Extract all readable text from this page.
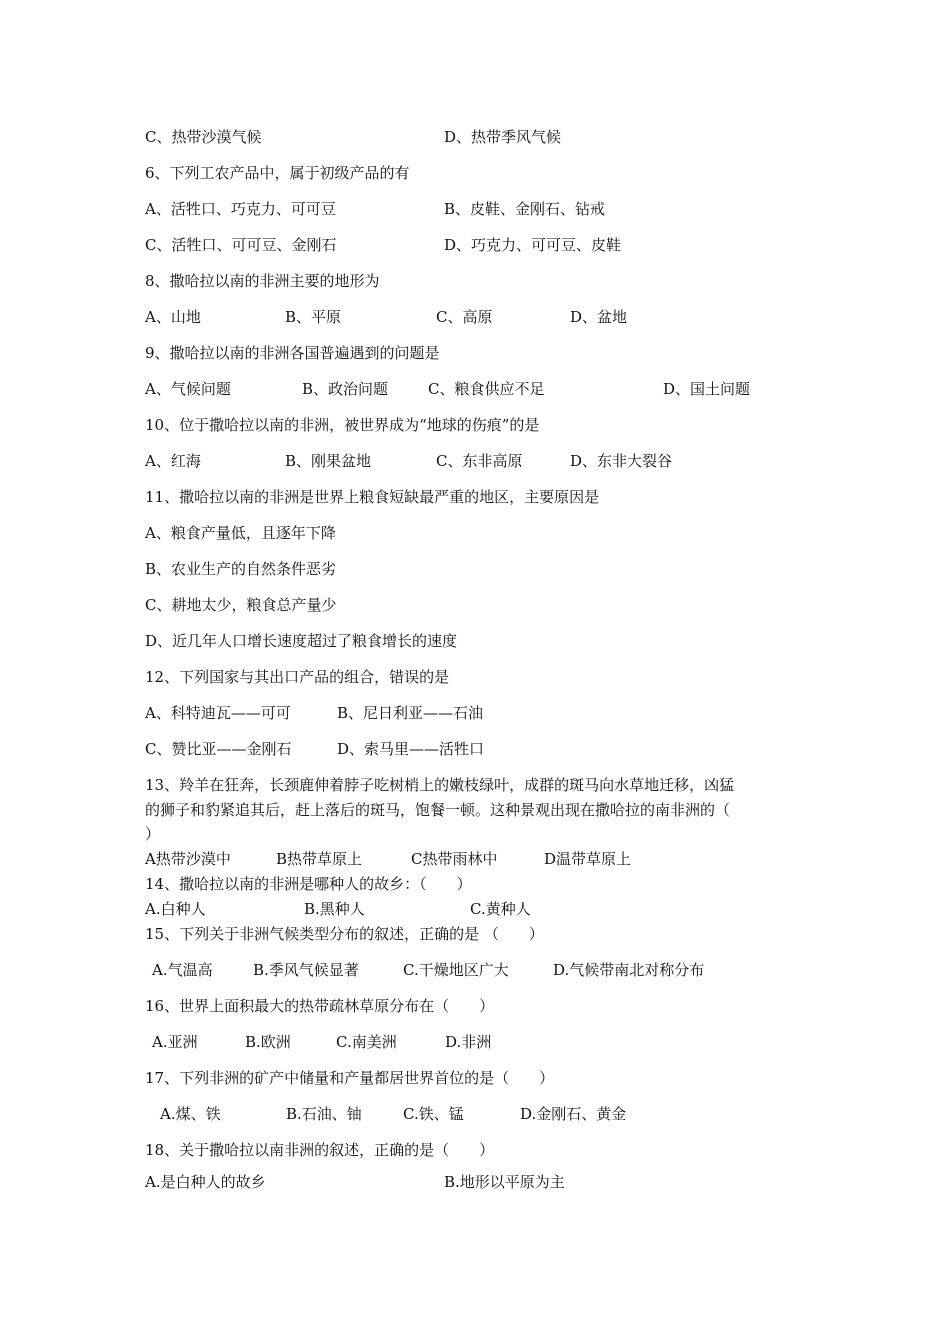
C、热带沙漠气候	D、热带季风气候
6、下列工农产品中，属于初级产品的有
A、活牲口、巧克力、可可豆	B、皮鞋、金刚石、钻戒
C、活牲口、可可豆、金刚石	D、巧克力、可可豆、皮鞋
8、撒哈拉以南的非洲主要的地形为
A、山地	B、平原	C、高原	D、盆地
9、撒哈拉以南的非洲各国普遍遇到的问题是
A、气候问题	B、政治问题	C、粮食供应不足	D、国土问题
10、位于撒哈拉以南的非洲，被世界成为“地球的伤痕”的是
A、红海	B、刚果盆地	C、东非高原	D、东非大裂谷
11、撒哈拉以南的非洲是世界上粮食短缺最严重的地区，主要原因是
A、粮食产量低，且逐年下降
B、农业生产的自然条件恶劣
C、耕地太少，粮食总产量少
D、近几年人口增长速度超过了粮食增长的速度
12、下列国家与其出口产品的组合，错误的是
A、科特迪瓦——可可	B、尼日利亚——石油
C、赞比亚——金刚石	D、索马里——活牲口
13、羚羊在狂奔，长颈鹿伸着脖子吃树梢上的嫩枝绿叶，成群的斑马向水草地迁移，凶猛
的狮子和豹紧追其后，赶上落后的斑马，饱餐一顿。这种景观出现在撒哈拉的南非洲的（
）
A热带沙漠中	B热带草原上	C热带雨林中	D温带草原上
14、撒哈拉以南的非洲是哪种人的故乡：（　　）
A.白种人	B.黑种人	C.黄种人
15、下列关于非洲气候类型分布的叙述，正确的是 （　　）
A.气温高	B.季风气候显著	C.干燥地区广大	D.气候带南北对称分布
16、世界上面积最大的热带疏林草原分布在（　　）
A.亚洲	B.欧洲	C.南美洲	D.非洲
17、下列非洲的矿产中储量和产量都居世界首位的是（　　）
A.煤、铁	B.石油、铀	C.铁、锰	D.金刚石、黄金
18、关于撒哈拉以南非洲的叙述，正确的是（　　）
A.是白种人的故乡	B.地形以平原为主
